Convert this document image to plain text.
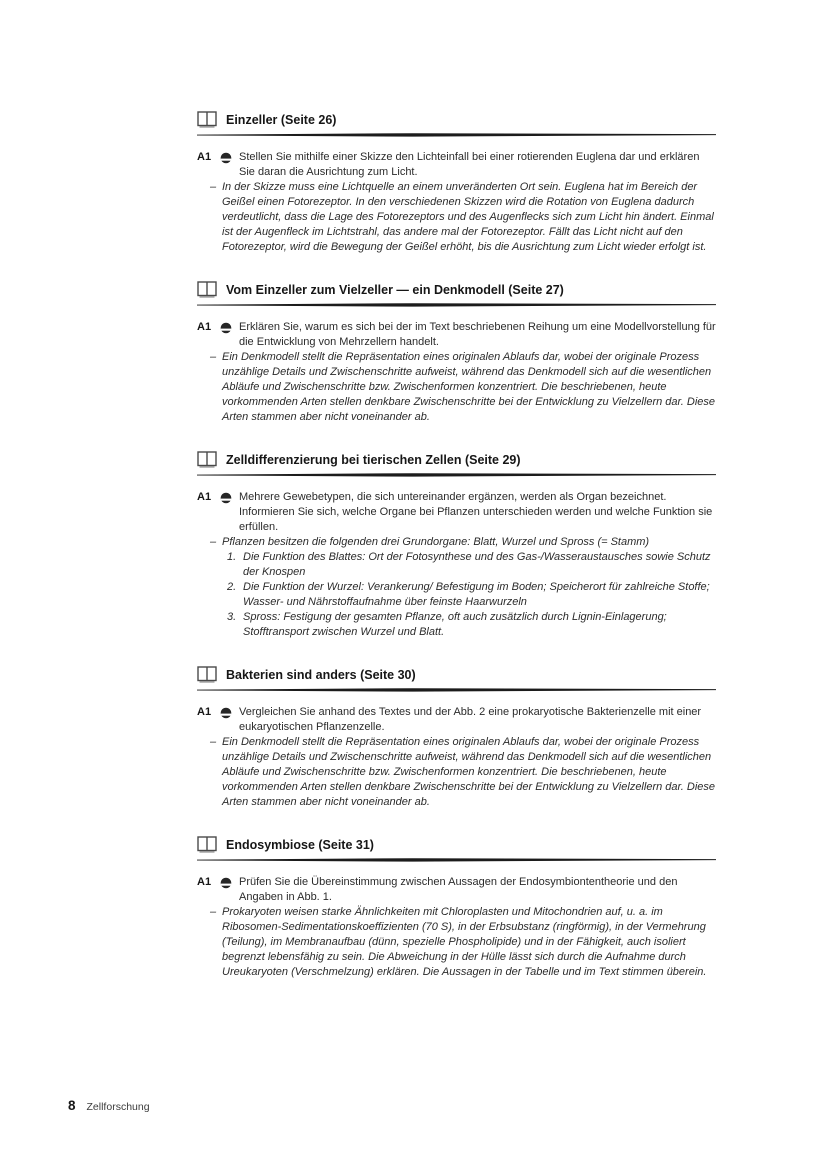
Einzeller (Seite 26)
A1	Stellen Sie mithilfe einer Skizze den Lichteinfall bei einer rotierenden Euglena dar und erklären Sie daran die Ausrichtung zum Licht.

– In der Skizze muss eine Lichtquelle an einem unveränderten Ort sein. Euglena hat im Bereich der Geißel einen Fotorezeptor. In den verschiedenen Skizzen wird die Rotation von Euglena dadurch verdeutlicht, dass die Lage des Fotorezeptors und des Augenflecks sich zum Licht hin ändert. Einmal ist der Augenfleck im Lichtstrahl, das andere mal der Fotorezeptor. Fällt das Licht nicht auf den Fotorezeptor, wird die Bewegung der Geißel erhöht, bis die Ausrichtung zum Licht wieder erfolgt ist.

Vom Einzeller zum Vielzeller — ein Denkmodell (Seite 27)
A1	Erklären Sie, warum es sich bei der im Text beschriebenen Reihung um eine Modellvorstellung für die Entwicklung von Mehrzellern handelt.

– Ein Denkmodell stellt die Repräsentation eines originalen Ablaufs dar, wobei der originale Prozess unzählige Details und Zwischenschritte aufweist, während das Denkmodell sich auf die wesentlichen Abläufe und Zwischenschritte bzw. Zwischenformen konzentriert. Die beschriebenen, heute vorkommenden Arten stellen denkbare Zwischenschritte bei der Entwicklung zu Vielzellern dar. Diese Arten stammen aber nicht voneinander ab.

Zelldifferenzierung bei tierischen Zellen (Seite 29)
A1	Mehrere Gewebetypen, die sich untereinander ergänzen, werden als Organ bezeichnet. Informieren Sie sich, welche Organe bei Pflanzen unterschieden werden und welche Funktion sie erfüllen.

– Pflanzen besitzen die folgenden drei Grundorgane: Blatt, Wurzel und Spross (= Stamm)

1. Die Funktion des Blattes: Ort der Fotosynthese und des Gas-/Wasseraustausches sowie Schutz der Knospen

2. Die Funktion der Wurzel: Verankerung/ Befestigung im Boden; Speicherort für zahlreiche Stoffe; Wasser- und Nährstoffaufnahme über feinste Haarwurzeln

3. Spross: Festigung der gesamten Pflanze, oft auch zusätzlich durch Lignin-Einlagerung; Stofftransport zwischen Wurzel und Blatt.

Bakterien sind anders (Seite 30)
A1	Vergleichen Sie anhand des Textes und der Abb. 2 eine prokaryotische Bakterienzelle mit einer eukaryotischen Pflanzenzelle.

– Ein Denkmodell stellt die Repräsentation eines originalen Ablaufs dar, wobei der originale Prozess unzählige Details und Zwischenschritte aufweist, während das Denkmodell sich auf die wesentlichen Abläufe und Zwischenschritte bzw. Zwischenformen konzentriert. Die beschriebenen, heute vorkommenden Arten stellen denkbare Zwischenschritte bei der Entwicklung zu Vielzellern dar. Diese Arten stammen aber nicht voneinander ab.

Endosymbiose (Seite 31)
A1	Prüfen Sie die Übereinstimmung zwischen Aussagen der Endosymbiontentheorie und den Angaben in Abb. 1.

– Prokaryoten weisen starke Ähnlichkeiten mit Chloroplasten und Mitochondrien auf, u. a. im Ribosomen-Sedimentationskoeffizienten (70 S), in der Erbsubstanz (ringförmig), in der Vermehrung (Teilung), im Membranaufbau (dünn, spezielle Phospholipide) und in der Fähigkeit, auch isoliert begrenzt lebensfähig zu sein. Die Abweichung in der Hülle lässt sich durch die Aufnahme durch Ureukaryoten (Verschmelzung) erklären. Die Aussagen in der Tabelle und im Text stimmen überein.

8 Zellforschung
